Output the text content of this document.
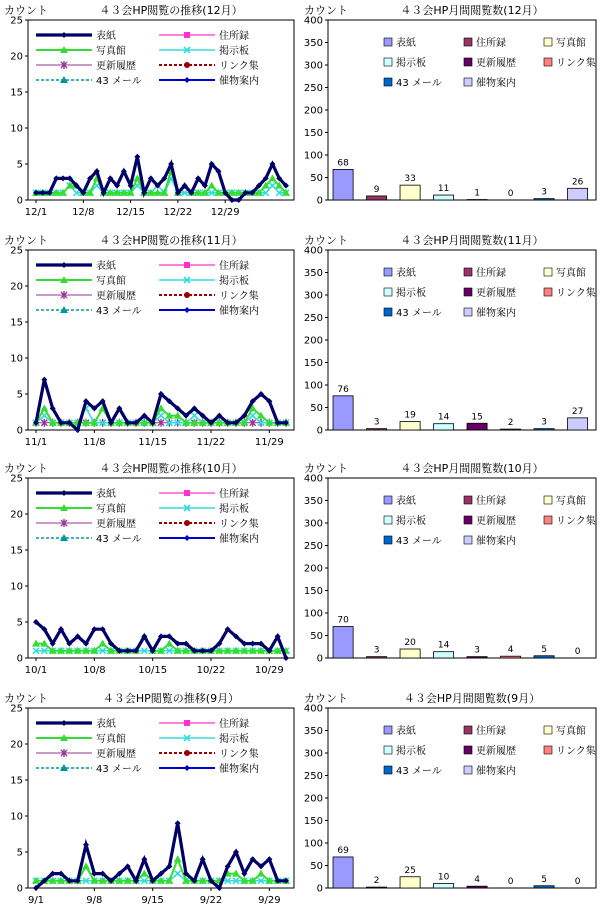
カウント	４３会HP閲覧の推移(12月）
0
5
10
15
20
25
12/1 12/8 12/15 12/22 12/29
表紙	住所録
写真館	掲示板
更新履歴	リンク集
43 メール	催物案内
カウント	４３会HP月間閲覧数(12月）
0
50
100
150
200
250
300
350
400
68
9
33
11	1	0	3
26
表紙	住所録	写真館
掲示板	更新履歴	リンク集
43 メール	催物案内
カウント	４３会HP閲覧の推移(11月）
0
5
10
15
20
25
11/1	11/8	11/15	11/22	11/29
表紙	住所録
写真館	掲示板
更新履歴	リンク集
43 メール	催物案内
カウント	４３会HP月間閲覧数(11月）
0
50
100
150
200
250
300
350
400
76
3
19 14 15
2	3
27
表紙	住所録	写真館
掲示板	更新履歴	リンク集
43 メール	催物案内
カウント	４３会HP閲覧の推移(10月）
0
5
10
15
20
25
10/1	10/8	10/15	10/22	10/29
表紙	住所録
写真館	掲示板
更新履歴	リンク集
43 メール	催物案内
カウント	４３会HP月間閲覧数(10月）
0
50
100
150
200
250
300
350
400
70
3
20 14	3	4	5	0
表紙	住所録	写真館
掲示板	更新履歴	リンク集
43 メール	催物案内
カウント	４３会HP閲覧の推移(9月）
0
5
10
15
20
25
9/1	9/8	9/15	9/22	9/29
表紙	住所録
写真館	掲示板
更新履歴	リンク集
43 メール	催物案内
カウント	４３会HP月間閲覧数(9月）
0
50
100
150
200
250
300
350
400
69
2
25
10	4	0	5	0
表紙	住所録	写真館
掲示板	更新履歴	リンク集
43 メール	催物案内
